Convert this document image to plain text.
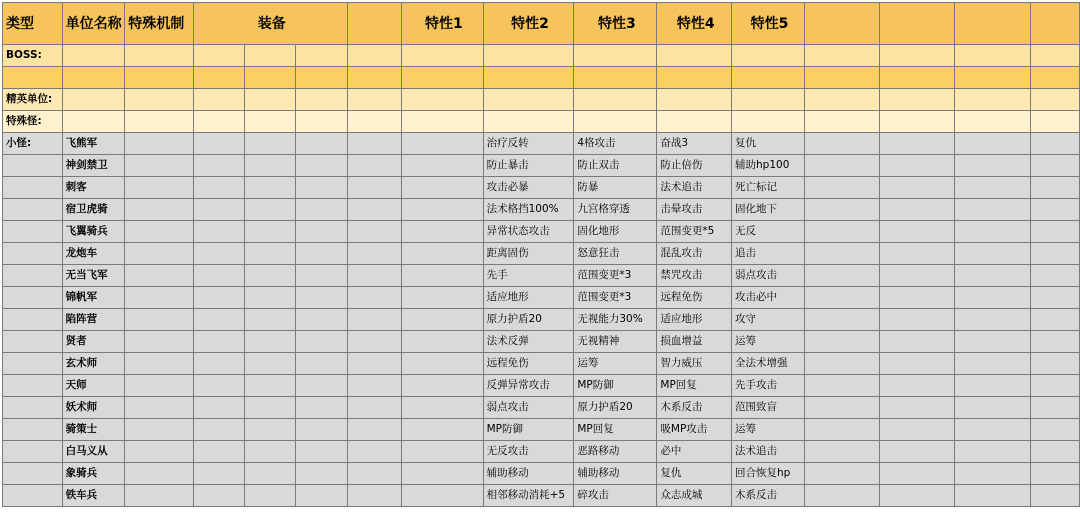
类型	单位名称	特殊机制	装备				特性1	特性2	特性3	特性4	特性5				
BOSS:															

精英单位:															
特殊怪:															
小怪:	飞熊军							治疗反转	4格攻击	奋战3	复仇				
	神剑禁卫							防止暴击	防止双击	防止倍伤	辅助hp100				
	刺客							攻击必暴	防暴	法术追击	死亡标记				
	宿卫虎骑							法术格挡100%	九宫格穿透	击晕攻击	固化地下				
	飞翼骑兵							异常状态攻击	固化地形	范围变更*5	无反				
	龙炮车							距离固伤	怒意狂击	混乱攻击	追击				
	无当飞军							先手	范围变更*3	禁咒攻击	弱点攻击				
	锦帆军							适应地形	范围变更*3	远程免伤	攻击必中				
	陷阵营							原力护盾20	无视能力30%	适应地形	攻守				
	贤者							法术反弹	无视精神	损血增益	运筹				
	玄术师							远程免伤	运筹	智力威压	全法术增强				
	天师							反弹异常攻击	MP防御	MP回复	先手攻击				
	妖术师							弱点攻击	原力护盾20	木系反击	范围致盲				
	骑策士							MP防御	MP回复	吸MP攻击	运筹				
	白马义从							无反攻击	恶路移动	必中	法术追击				
	象骑兵							辅助移动	辅助移动	复仇	回合恢复hp				
	铁车兵							相邻移动消耗+5	碎攻击	众志成城	木系反击				
